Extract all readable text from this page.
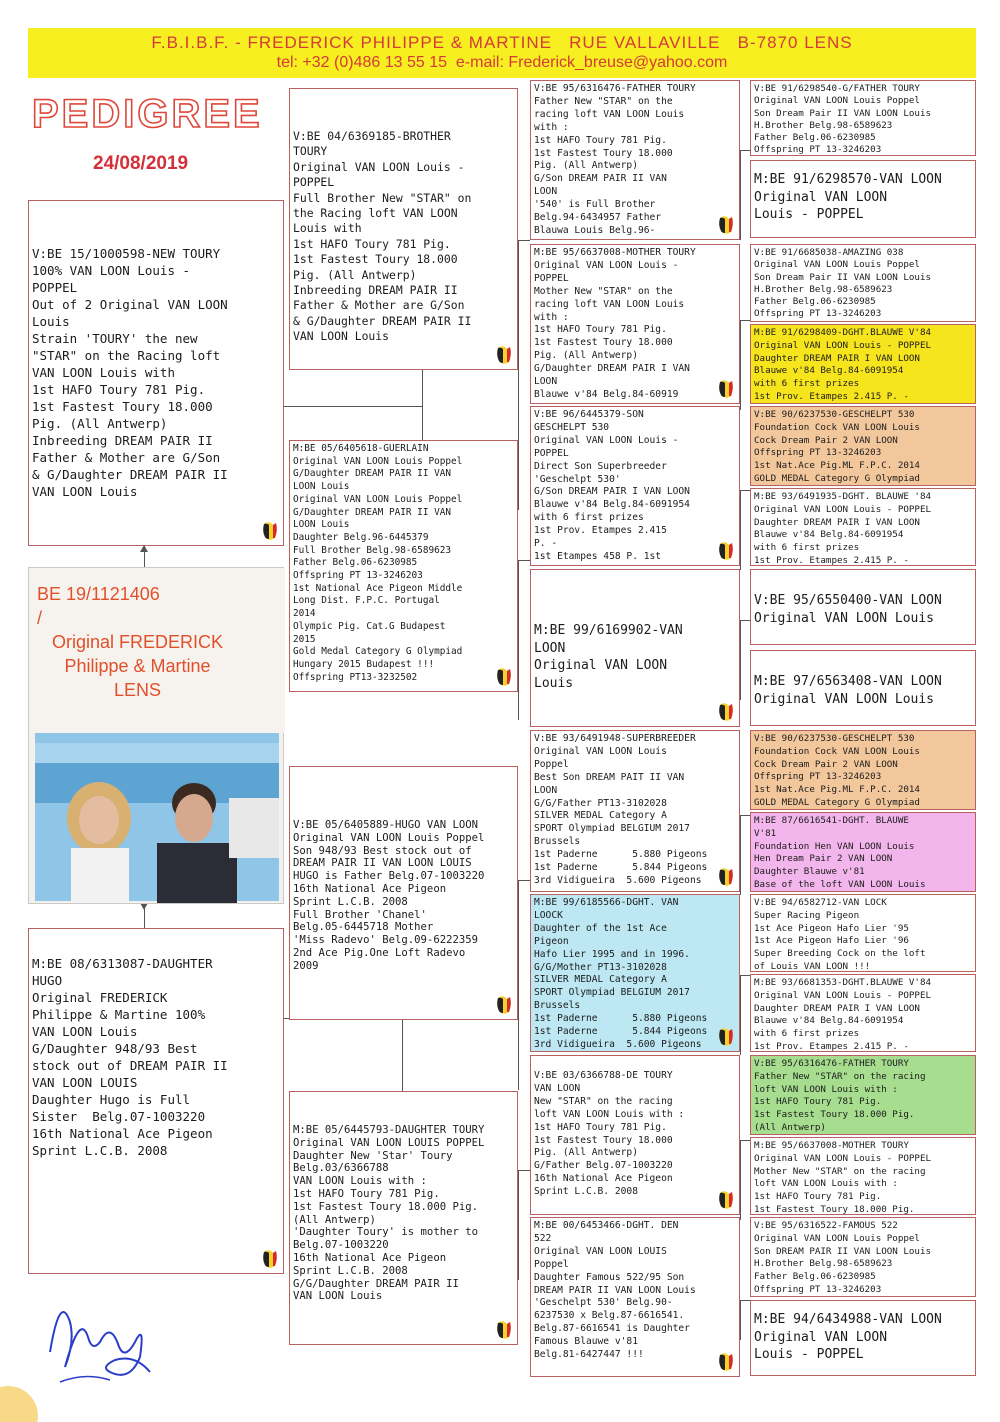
F.B.I.B.F. - FREDERICK PHILIPPE & MARTINE   RUE VALLAVILLE   B-7870 LENS
tel: +32 (0)486 13 55 15  e-mail: Frederick_breuse@yahoo.com
PEDIGREE
24/08/2019
V:BE 15/1000598-NEW TOURY
100% VAN LOON Louis -
POPPEL
Out of 2 Original VAN LOON
Louis
Strain 'TOURY' the new
"STAR" on the Racing loft
VAN LOON Louis with
1st HAFO Toury 781 Pig.
1st Fastest Toury 18.000
Pig. (All Antwerp)
Inbreeding DREAM PAIR II
Father & Mother are G/Son
& G/Daughter DREAM PAIR II
VAN LOON Louis
BE 19/1121406
/
Original FREDERICK
Philippe & Martine
LENS
M:BE 08/6313087-DAUGHTER
HUGO
Original FREDERICK
Philippe & Martine 100%
VAN LOON Louis
G/Daughter 948/93 Best
stock out of DREAM PAIR II
VAN LOON LOUIS
Daughter Hugo is Full
Sister  Belg.07-1003220
16th National Ace Pigeon
Sprint L.C.B. 2008
V:BE 04/6369185-BROTHER
TOURY
Original VAN LOON Louis -
POPPEL
Full Brother New "STAR" on
the Racing loft VAN LOON
Louis with
1st HAFO Toury 781 Pig.
1st Fastest Toury 18.000
Pig. (All Antwerp)
Inbreeding DREAM PAIR II
Father & Mother are G/Son
& G/Daughter DREAM PAIR II
VAN LOON Louis
M:BE 05/6405618-GUERLAIN
Original VAN LOON Louis Poppel
G/Daughter DREAM PAIR II VAN
LOON Louis
Original VAN LOON Louis Poppel
G/Daughter DREAM PAIR II VAN
LOON Louis
Daughter Belg.96-6445379
Full Brother Belg.98-6589623
Father Belg.06-6230985
Offspring PT 13-3246203
1st National Ace Pigeon Middle
Long Dist. F.P.C. Portugal
2014
Olympic Pig. Cat.G Budapest
2015
Gold Medal Category G Olympiad
Hungary 2015 Budapest !!!
Offspring PT13-3232502
V:BE 05/6405889-HUGO VAN LOON
Original VAN LOON Louis Poppel
Son 948/93 Best stock out of
DREAM PAIR II VAN LOON LOUIS
HUGO is Father Belg.07-1003220
16th National Ace Pigeon
Sprint L.C.B. 2008
Full Brother 'Chanel'
Belg.05-6445718 Mother
'Miss Radevo' Belg.09-6222359
2nd Ace Pig.One Loft Radevo
2009
M:BE 05/6445793-DAUGHTER TOURY
Original VAN LOON LOUIS POPPEL
Daughter New 'Star' Toury
Belg.03/6366788
VAN LOON Louis with :
1st HAFO Toury 781 Pig.
1st Fastest Toury 18.000 Pig.
(All Antwerp)
'Daughter Toury' is mother to
Belg.07-1003220
16th National Ace Pigeon
Sprint L.C.B. 2008
G/G/Daughter DREAM PAIR II
VAN LOON Louis
V:BE 95/6316476-FATHER TOURY
Father New "STAR" on the
racing loft VAN LOON Louis
with :
1st HAFO Toury 781 Pig.
1st Fastest Toury 18.000
Pig. (All Antwerp)
G/Son DREAM PAIR II VAN
LOON
'540' is Full Brother
Belg.94-6434957 Father
Blauwa Louis Belg.96-
M:BE 95/6637008-MOTHER TOURY
Original VAN LOON Louis -
POPPEL
Mother New "STAR" on the
racing loft VAN LOON Louis
with :
1st HAFO Toury 781 Pig.
1st Fastest Toury 18.000
Pig. (All Antwerp)
G/Daughter DREAM PAIR I VAN
LOON
Blauwe v'84 Belg.84-60919
V:BE 96/6445379-SON
GESCHELPT 530
Original VAN LOON Louis -
POPPEL
Direct Son Superbreeder
'Geschelpt 530'
G/Son DREAM PAIR I VAN LOON
Blauwe v'84 Belg.84-6091954
with 6 first prizes
1st Prov. Etampes 2.415
P. -
1st Etampes 458 P. 1st
M:BE 99/6169902-VAN
LOON
Original VAN LOON
Louis
V:BE 93/6491948-SUPERBREEDER
Original VAN LOON Louis
Poppel
Best Son DREAM PAIT II VAN
LOON
G/G/Father PT13-3102028
SILVER MEDAL Category A
SPORT Olympiad BELGIUM 2017
Brussels
1st Paderne      5.880 Pigeons
1st Paderne      5.844 Pigeons
3rd Vidigueira  5.600 Pigeons
M:BE 99/6185566-DGHT. VAN
LOOCK
Daughter of the 1st Ace
Pigeon
Hafo Lier 1995 and in 1996.
G/G/Mother PT13-3102028
SILVER MEDAL Category A
SPORT Olympiad BELGIUM 2017
Brussels
1st Paderne      5.880 Pigeons
1st Paderne      5.844 Pigeons
3rd Vidigueira  5.600 Pigeons
V:BE 03/6366788-DE TOURY
VAN LOON
New "STAR" on the racing
loft VAN LOON Louis with :
1st HAFO Toury 781 Pig.
1st Fastest Toury 18.000
Pig. (All Antwerp)
G/Father Belg.07-1003220
16th National Ace Pigeon
Sprint L.C.B. 2008
M:BE 00/6453466-DGHT. DEN
522
Original VAN LOON LOUIS
Poppel
Daughter Famous 522/95 Son
DREAM PAIR II VAN LOON Louis
'Geschelpt 530' Belg.90-
6237530 x Belg.87-6616541.
Belg.87-6616541 is Daughter
Famous Blauwe v'81
Belg.81-6427447 !!!
V:BE 91/6298540-G/FATHER TOURY
Original VAN LOON Louis Poppel
Son Dream Pair II VAN LOON Louis
H.Brother Belg.98-6589623
Father Belg.06-6230985
Offspring PT 13-3246203
M:BE 91/6298570-VAN LOON
Original VAN LOON
Louis - POPPEL
V:BE 91/6685038-AMAZING 038
Original VAN LOON Louis Poppel
Son Dream Pair II VAN LOON Louis
H.Brother Belg.98-6589623
Father Belg.06-6230985
Offspring PT 13-3246203
M:BE 91/6298409-DGHT.BLAUWE V'84
Original VAN LOON Louis - POPPEL
Daughter DREAM PAIR I VAN LOON
Blauwe v'84 Belg.84-6091954
with 6 first prizes
1st Prov. Etampes 2.415 P. -
V:BE 90/6237530-GESCHELPT 530
Foundation Cock VAN LOON Louis
Cock Dream Pair 2 VAN LOON
Offspring PT 13-3246203
1st Nat.Ace Pig.ML F.P.C. 2014
GOLD MEDAL Category G Olympiad
M:BE 93/6491935-DGHT. BLAUWE '84
Original VAN LOON Louis - POPPEL
Daughter DREAM PAIR I VAN LOON
Blauwe v'84 Belg.84-6091954
with 6 first prizes
1st Prov. Etampes 2.415 P. -
V:BE 95/6550400-VAN LOON
Original VAN LOON Louis
M:BE 97/6563408-VAN LOON
Original VAN LOON Louis
V:BE 90/6237530-GESCHELPT 530
Foundation Cock VAN LOON Louis
Cock Dream Pair 2 VAN LOON
Offspring PT 13-3246203
1st Nat.Ace Pig.ML F.P.C. 2014
GOLD MEDAL Category G Olympiad
M:BE 87/6616541-DGHT. BLAUWE
V'81
Foundation Hen VAN LOON Louis
Hen Dream Pair 2 VAN LOON
Daughter Blauwe v'81
Base of the loft VAN LOON Louis
V:BE 94/6582712-VAN LOCK
Super Racing Pigeon
1st Ace Pigeon Hafo Lier '95
1st Ace Pigeon Hafo Lier '96
Super Breeding Cock on the loft
of Louis VAN LOON !!!
M:BE 93/6681353-DGHT.BLAUWE V'84
Original VAN LOON Louis - POPPEL
Daughter DREAM PAIR I VAN LOON
Blauwe v'84 Belg.84-6091954
with 6 first prizes
1st Prov. Etampes 2.415 P. -
V:BE 95/6316476-FATHER TOURY
Father New "STAR" on the racing
loft VAN LOON Louis with :
1st HAFO Toury 781 Pig.
1st Fastest Toury 18.000 Pig.
(All Antwerp)
M:BE 95/6637008-MOTHER TOURY
Original VAN LOON Louis - POPPEL
Mother New "STAR" on the racing
loft VAN LOON Louis with :
1st HAFO Toury 781 Pig.
1st Fastest Toury 18.000 Pig.
V:BE 95/6316522-FAMOUS 522
Original VAN LOON Louis Poppel
Son DREAM PAIR II VAN LOON Louis
H.Brother Belg.98-6589623
Father Belg.06-6230985
Offspring PT 13-3246203
M:BE 94/6434988-VAN LOON
Original VAN LOON
Louis - POPPEL
